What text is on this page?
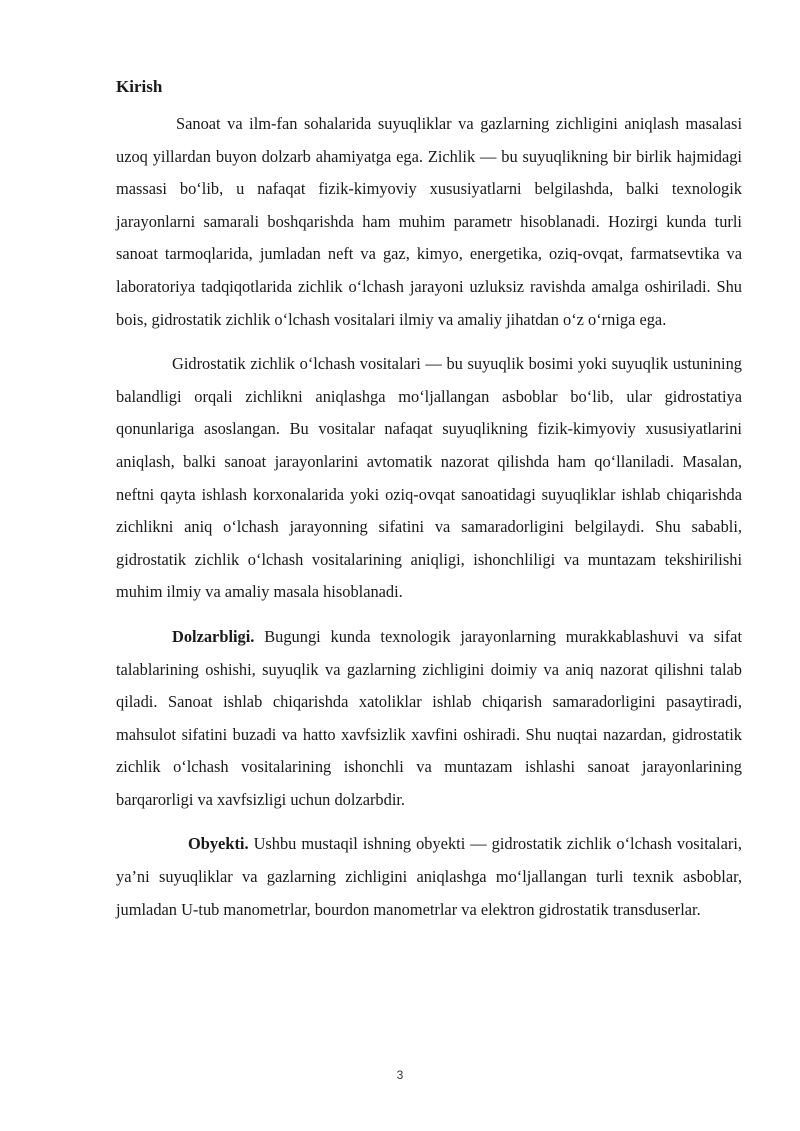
Kirish

Sanoat va ilm-fan sohalarida suyuqliklar va gazlarning zichligini aniqlash masalasi uzoq yillardan buyon dolzarb ahamiyatga ega. Zichlik — bu suyuqlikning bir birlik hajmidagi massasi bo‘lib, u nafaqat fizik-kimyoviy xususiyatlarni belgilashda, balki texnologik jarayonlarni samarali boshqarishda ham muhim parametr hisoblanadi. Hozirgi kunda turli sanoat tarmoqlarida, jumladan neft va gaz, kimyo, energetika, oziq-ovqat, farmatsevtika va laboratoriya tadqiqotlarida zichlik o‘lchash jarayoni uzluksiz ravishda amalga oshiriladi. Shu bois, gidrostatik zichlik o‘lchash vositalari ilmiy va amaliy jihatdan o‘z o‘rniga ega.

Gidrostatik zichlik o‘lchash vositalari — bu suyuqlik bosimi yoki suyuqlik ustunining balandligi orqali zichlikni aniqlashga mo‘ljallangan asboblar bo‘lib, ular gidrostatiya qonunlariga asoslangan. Bu vositalar nafaqat suyuqlikning fizik-kimyoviy xususiyatlarini aniqlash, balki sanoat jarayonlarini avtomatik nazorat qilishda ham qo‘llaniladi. Masalan, neftni qayta ishlash korxonalarida yoki oziq-ovqat sanoatidagi suyuqliklar ishlab chiqarishda zichlikni aniq o‘lchash jarayonning sifatini va samaradorligini belgilaydi. Shu sababli, gidrostatik zichlik o‘lchash vositalarining aniqligi, ishonchliligi va muntazam tekshirilishi muhim ilmiy va amaliy masala hisoblanadi.

Dolzarbligi. Bugungi kunda texnologik jarayonlarning murakkablashuvi va sifat talablarining oshishi, suyuqlik va gazlarning zichligini doimiy va aniq nazorat qilishni talab qiladi. Sanoat ishlab chiqarishda xatoliklar ishlab chiqarish samaradorligini pasaytiradi, mahsulot sifatini buzadi va hatto xavfsizlik xavfini oshiradi. Shu nuqtai nazardan, gidrostatik zichlik o‘lchash vositalarining ishonchli va muntazam ishlashi sanoat jarayonlarining barqarorligi va xavfsizligi uchun dolzarbdir.

Obyekti. Ushbu mustaqil ishning obyekti — gidrostatik zichlik o‘lchash vositalari, ya’ni suyuqliklar va gazlarning zichligini aniqlashga mo‘ljallangan turli texnik asboblar, jumladan U-tub manometrlar, bourdon manometrlar va elektron gidrostatik transduserlar.

3
